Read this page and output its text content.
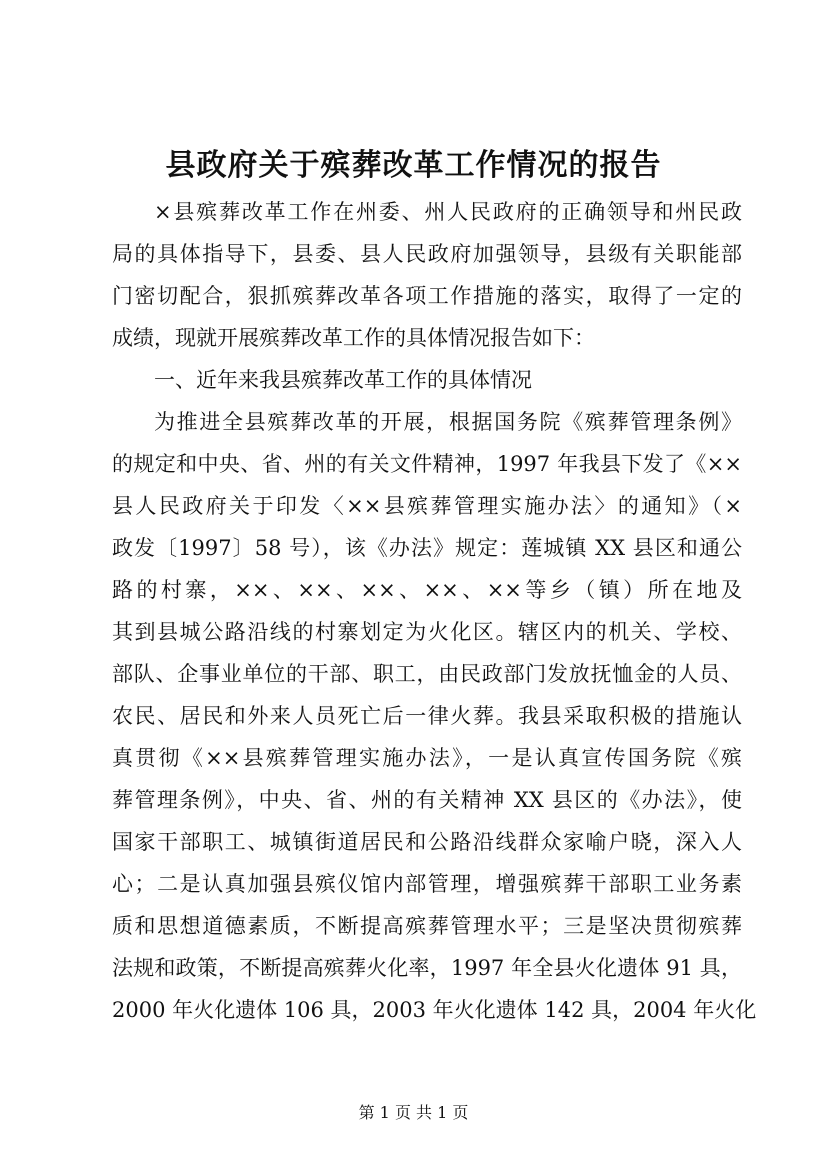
县政府关于殡葬改革工作情况的报告
×县殡葬改革工作在州委、州人民政府的正确领导和州民政
局的具体指导下，县委、县人民政府加强领导，县级有关职能部
门密切配合，狠抓殡葬改革各项工作措施的落实，取得了一定的
成绩，现就开展殡葬改革工作的具体情况报告如下：
一、近年来我县殡葬改革工作的具体情况
为推进全县殡葬改革的开展，根据国务院《殡葬管理条例》
的规定和中央、省、州的有关文件精神，1997 年我县下发了《××
县人民政府关于印发〈××县殡葬管理实施办法〉的通知》（×
政发〔1997〕58 号），该《办法》规定：莲城镇 XX 县区和通公
路的村寨，××、××、××、××、××等乡（镇）所在地及
其到县城公路沿线的村寨划定为火化区。辖区内的机关、学校、
部队、企事业单位的干部、职工，由民政部门发放抚恤金的人员、
农民、居民和外来人员死亡后一律火葬。我县采取积极的措施认
真贯彻《××县殡葬管理实施办法》，一是认真宣传国务院《殡
葬管理条例》，中央、省、州的有关精神 XX 县区的《办法》，使
国家干部职工、城镇街道居民和公路沿线群众家喻户晓，深入人
心；二是认真加强县殡仪馆内部管理，增强殡葬干部职工业务素
质和思想道德素质，不断提高殡葬管理水平；三是坚决贯彻殡葬
法规和政策，不断提高殡葬火化率，1997 年全县火化遗体 91 具，
2000 年火化遗体 106 具，2003 年火化遗体 142 具，2004 年火化
第 1 页 共 1 页
